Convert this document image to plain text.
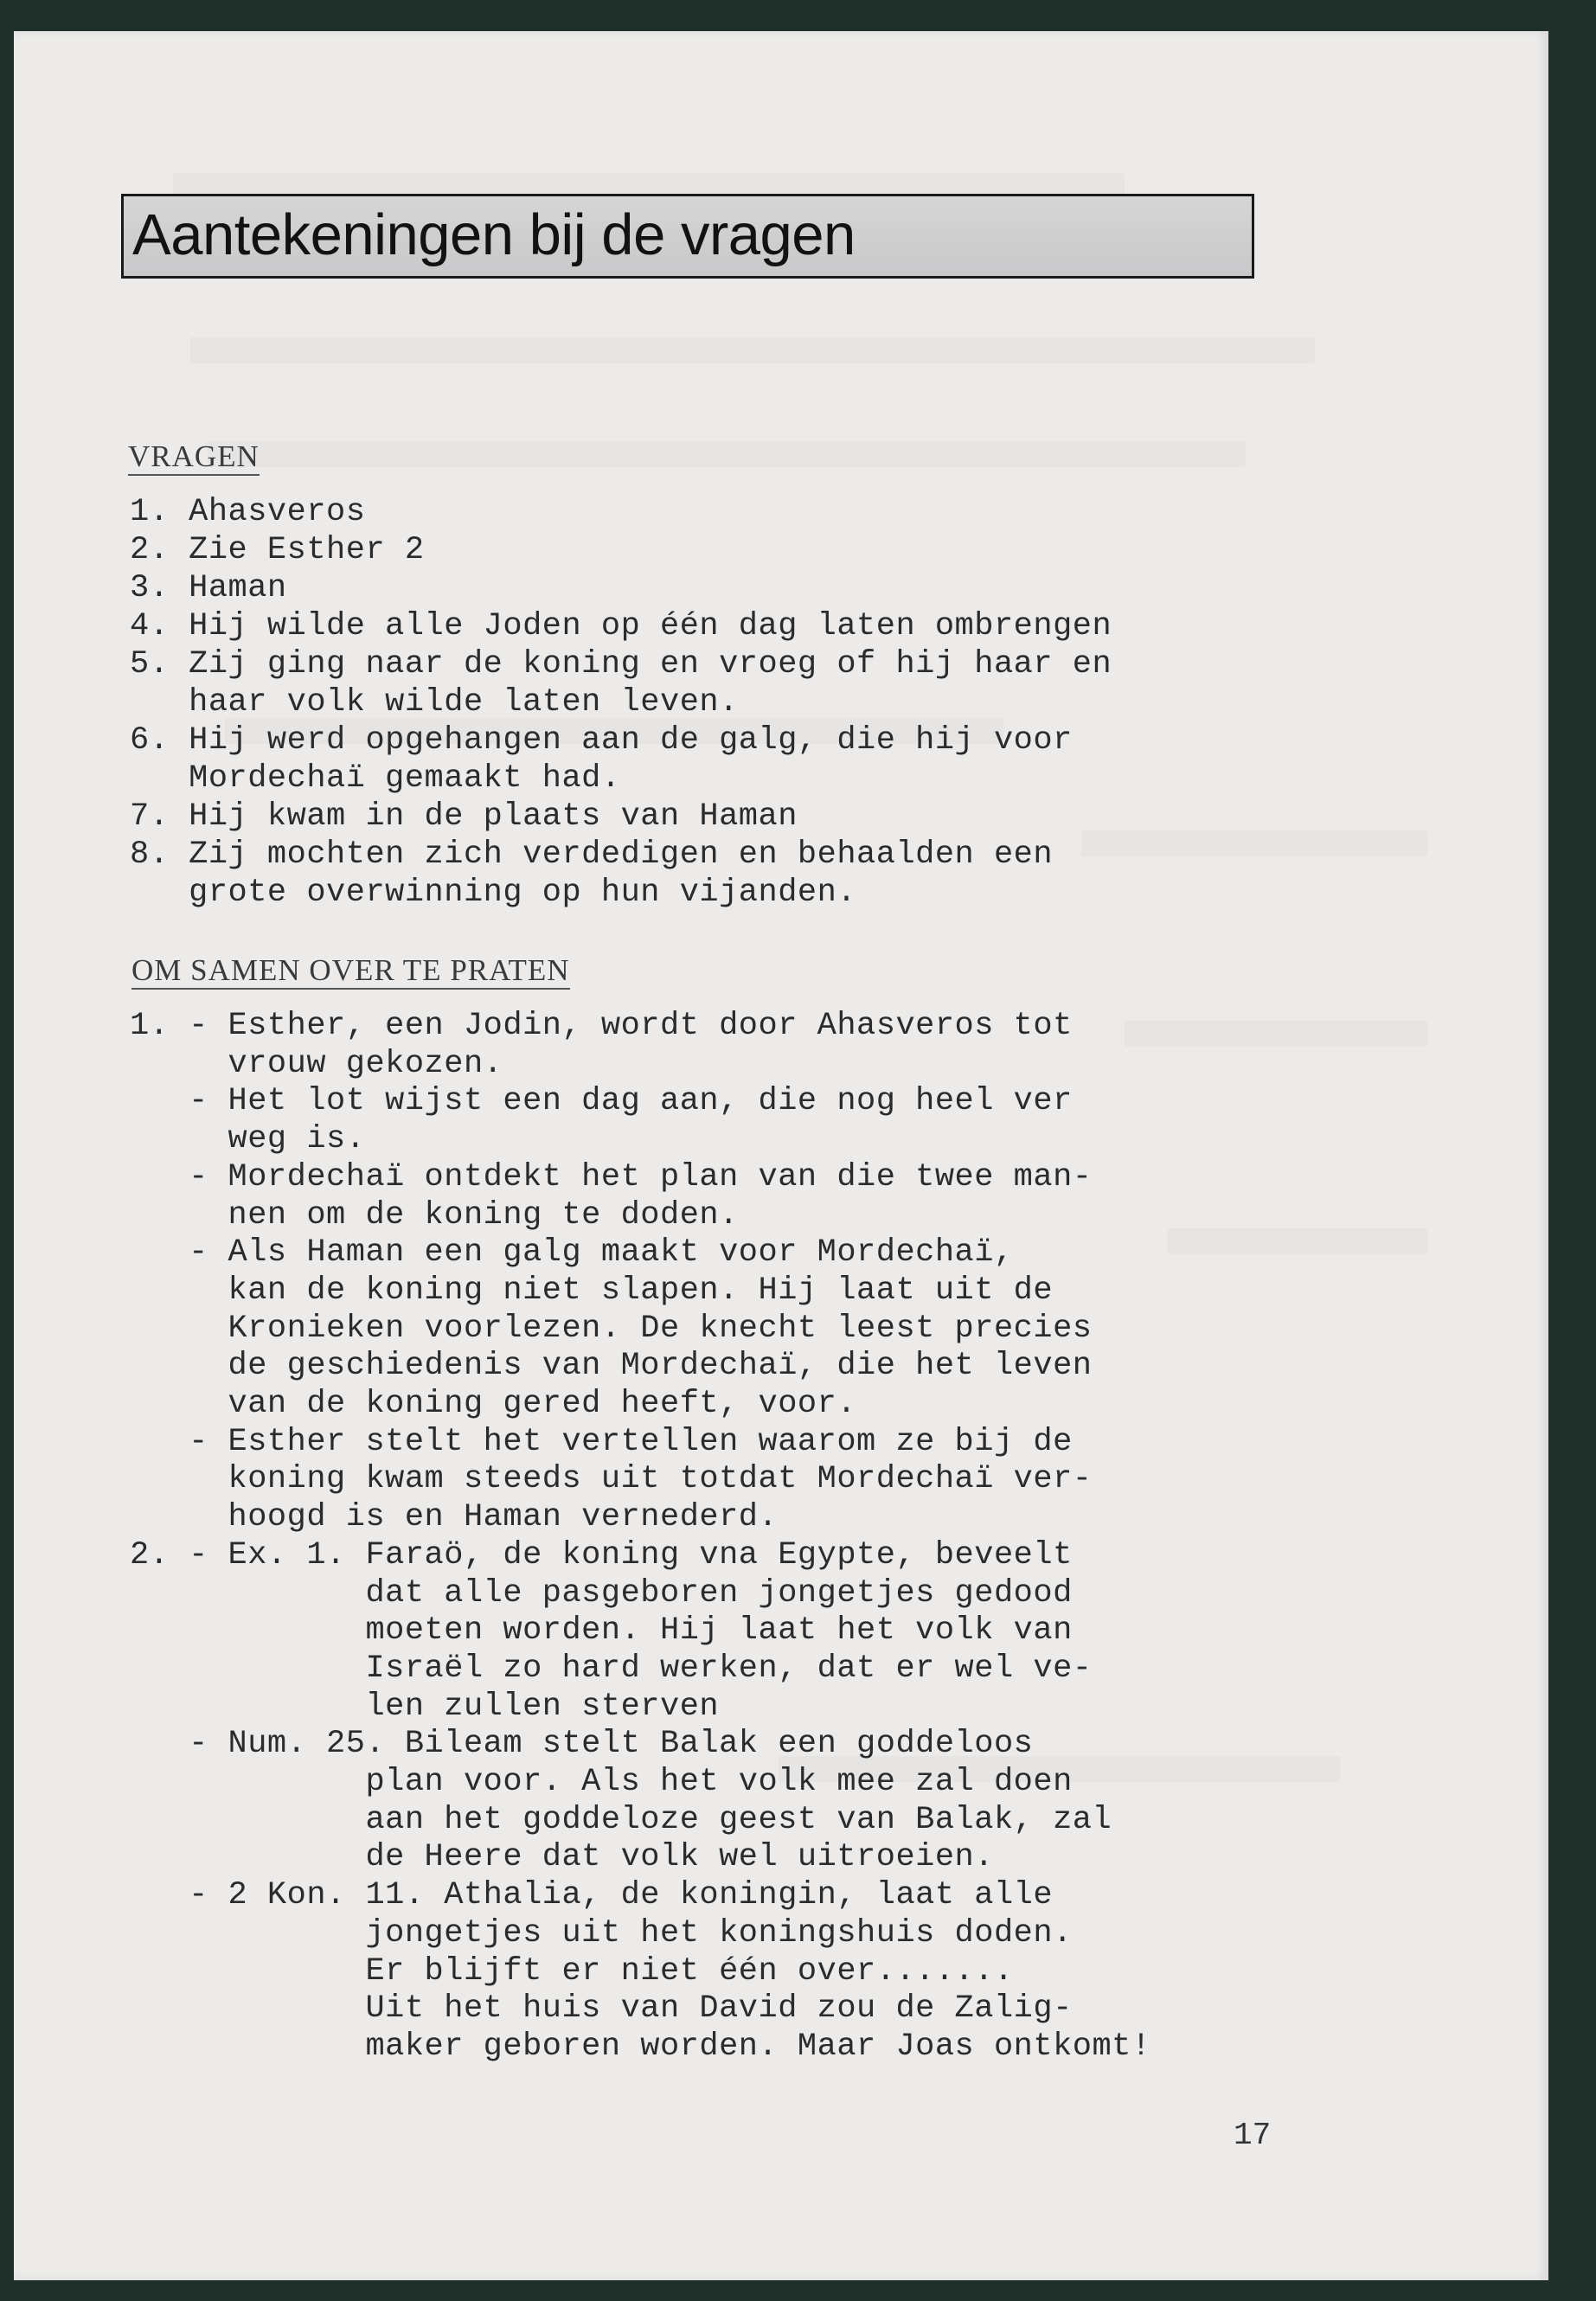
Aantekeningen bij de vragen
VRAGEN
1. Ahasveros
2. Zie Esther 2
3. Haman
4. Hij wilde alle Joden op één dag laten ombrengen
5. Zij ging naar de koning en vroeg of hij haar en
haar volk wilde laten leven.
6. Hij werd opgehangen aan de galg, die hij voor
Mordechaï gemaakt had.
7. Hij kwam in de plaats van Haman
8. Zij mochten zich verdedigen en behaalden een
grote overwinning op hun vijanden.
OM SAMEN OVER TE PRATEN
1. - Esther, een Jodin, wordt door Ahasveros tot
vrouw gekozen.
- Het lot wijst een dag aan, die nog heel ver
weg is.
- Mordechaï ontdekt het plan van die twee man-
nen om de koning te doden.
- Als Haman een galg maakt voor Mordechaï,
kan de koning niet slapen. Hij laat uit de
Kronieken voorlezen. De knecht leest precies
de geschiedenis van Mordechaï, die het leven
van de koning gered heeft, voor.
- Esther stelt het vertellen waarom ze bij de
koning kwam steeds uit totdat Mordechaï ver-
hoogd is en Haman vernederd.
2. - Ex. 1. Faraö, de koning vna Egypte, beveelt
dat alle pasgeboren jongetjes gedood
moeten worden. Hij laat het volk van
Israël zo hard werken, dat er wel ve-
len zullen sterven
- Num. 25. Bileam stelt Balak een goddeloos
plan voor. Als het volk mee zal doen
aan het goddeloze geest van Balak, zal
de Heere dat volk wel uitroeien.
- 2 Kon. 11. Athalia, de koningin, laat alle
jongetjes uit het koningshuis doden.
Er blijft er niet één over.......
Uit het huis van David zou de Zalig-
maker geboren worden. Maar Joas ontkomt!
17
